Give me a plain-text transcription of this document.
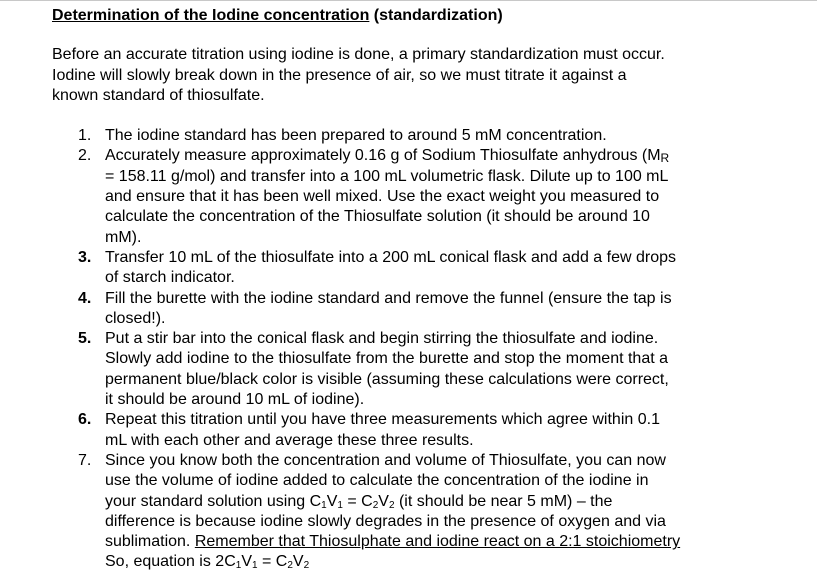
Determination of the Iodine concentration (standardization)

Before an accurate titration using iodine is done, a primary standardization must occur.
Iodine will slowly break down in the presence of air, so we must titrate it against a
known standard of thiosulfate.

1. The iodine standard has been prepared to around 5 mM concentration.
2. Accurately measure approximately 0.16 g of Sodium Thiosulfate anhydrous ($M_R$
= 158.11 g/mol) and transfer into a 100 mL volumetric flask. Dilute up to 100 mL
and ensure that it has been well mixed. Use the exact weight you measured to
calculate the concentration of the Thiosulfate solution (it should be around 10
mM).
3. Transfer 10 mL of the thiosulfate into a 200 mL conical flask and add a few drops
of starch indicator.
4. Fill the burette with the iodine standard and remove the funnel (ensure the tap is
closed!).
5. Put a stir bar into the conical flask and begin stirring the thiosulfate and iodine.
Slowly add iodine to the thiosulfate from the burette and stop the moment that a
permanent blue/black color is visible (assuming these calculations were correct,
it should be around 10 mL of iodine).
6. Repeat this titration until you have three measurements which agree within 0.1
mL with each other and average these three results.
7. Since you know both the concentration and volume of Thiosulfate, you can now
use the volume of iodine added to calculate the concentration of the iodine in
your standard solution using $C_1V_1 = C_2V_2$ (it should be near 5 mM) – the
difference is because iodine slowly degrades in the presence of oxygen and via
sublimation. Remember that Thiosulphate and iodine react on a 2:1 stoichiometry
So, equation is $2C_1V_1 = C_2V_2$
